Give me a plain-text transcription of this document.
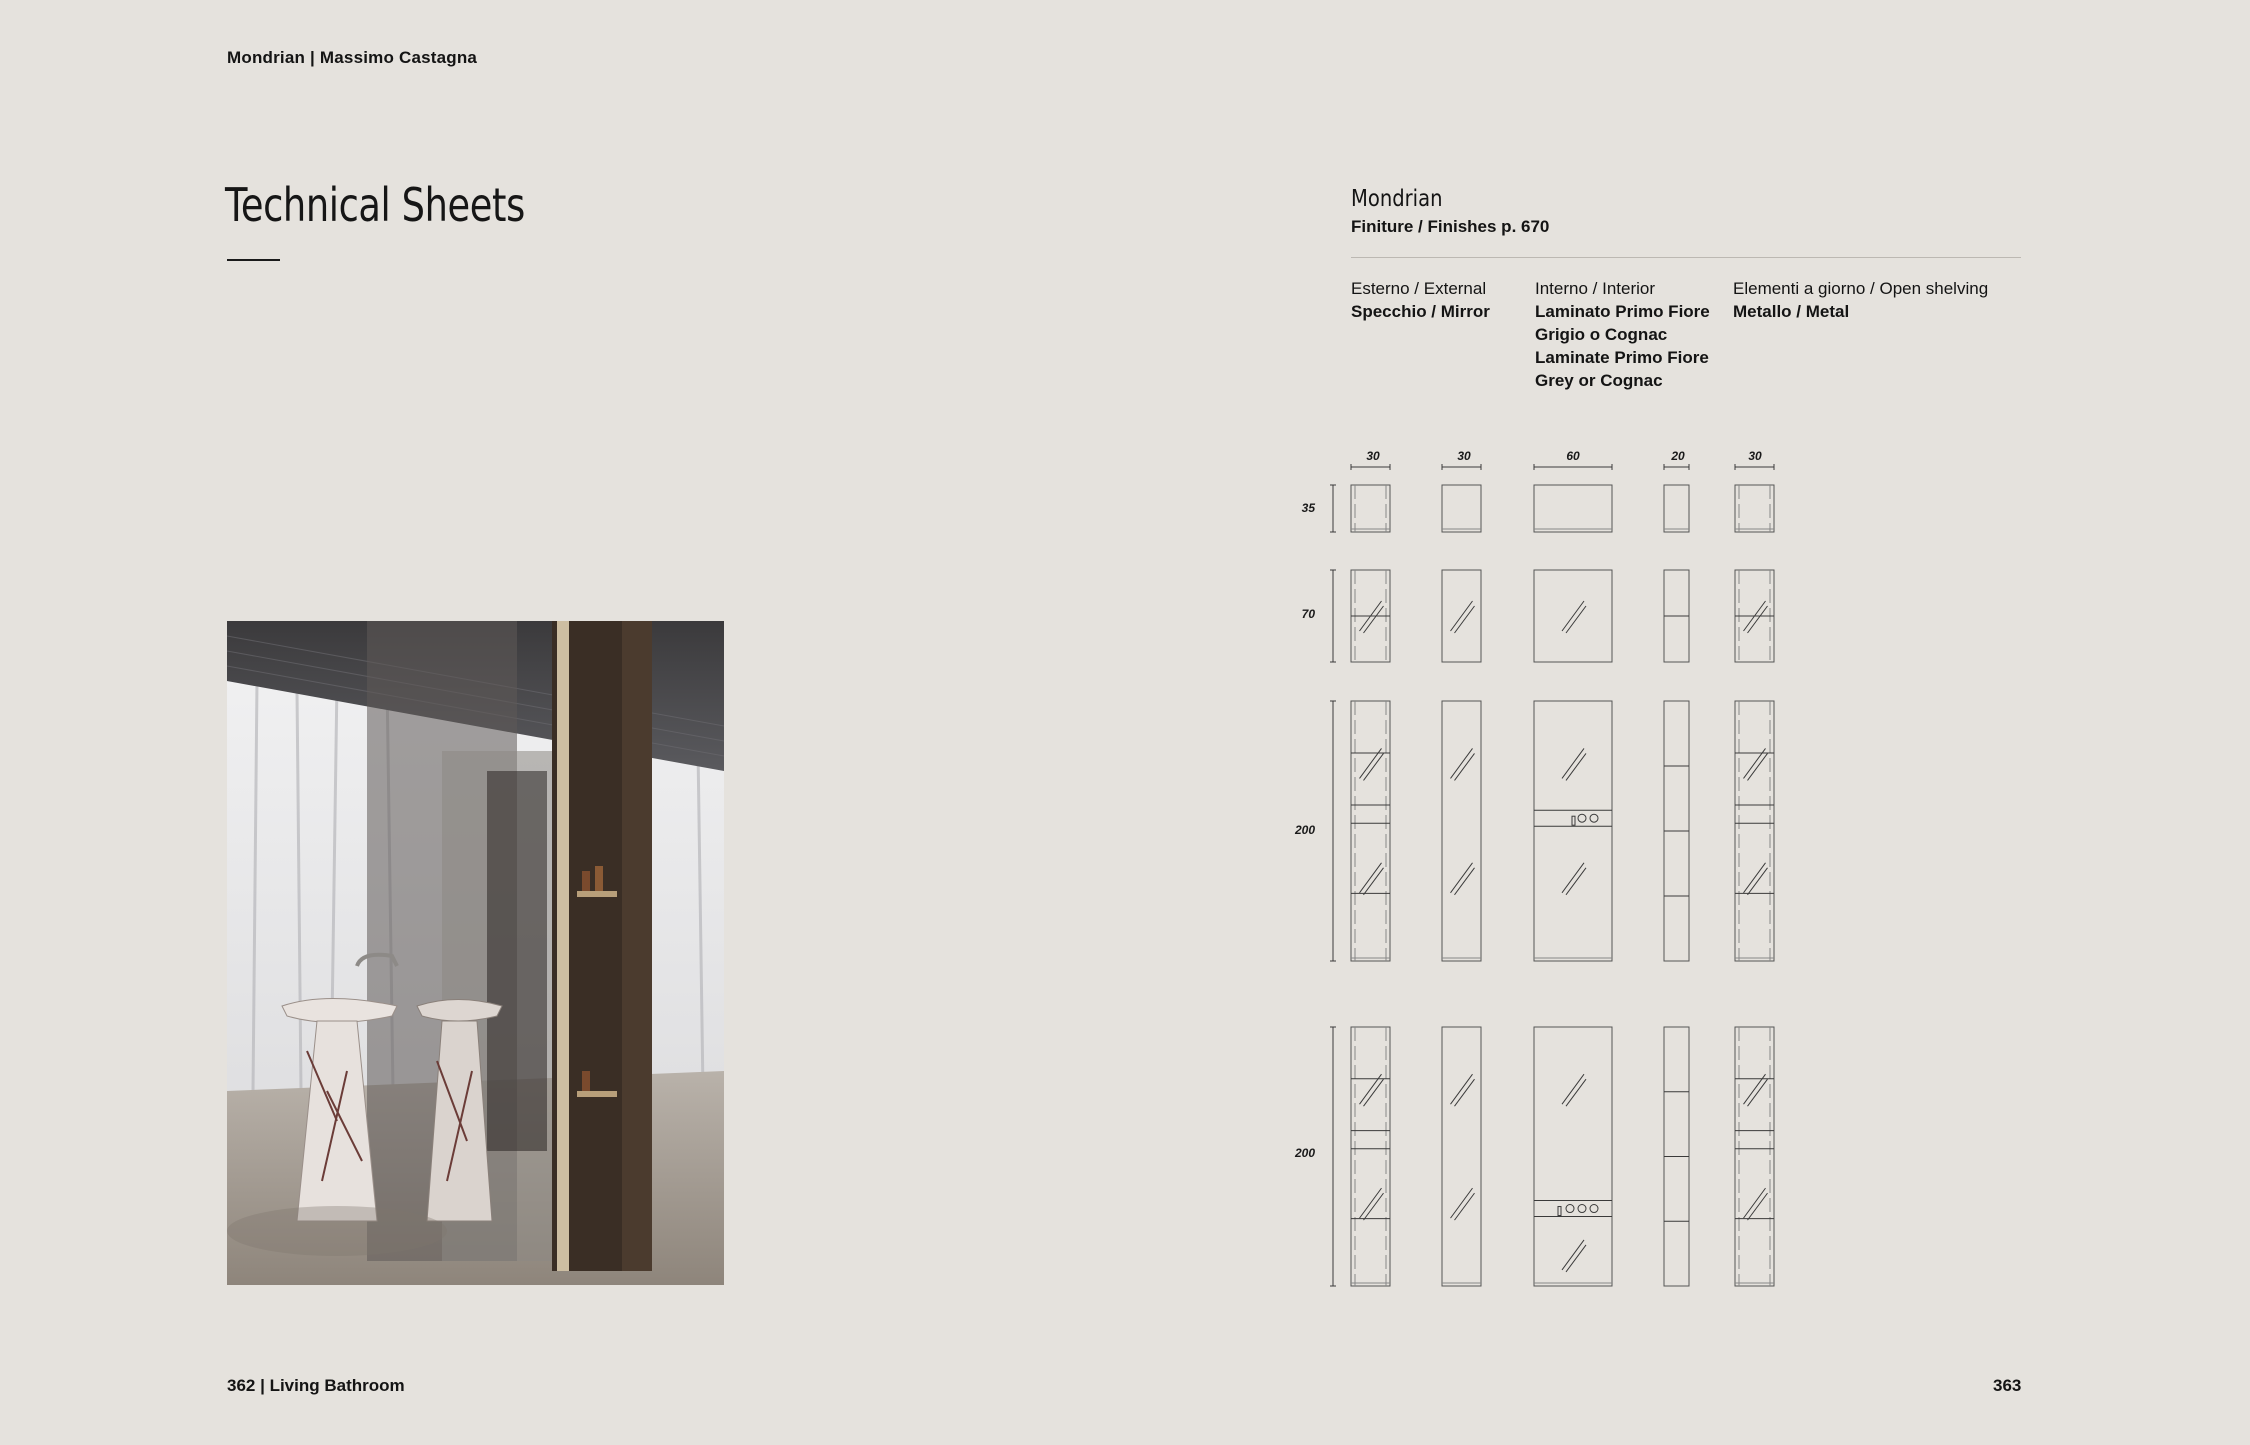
Mondrian | Massimo Castagna
Technical Sheets	Mondrian
Finiture / Finishes p. 670
Esterno / External
Specchio / Mirror
Interno / Interior
Laminato Primo Fiore
Grigio o Cognac
Laminate Primo Fiore
Grey or Cognac
Elementi a giorno / Open shelving
Metallo / Metal
30	30	60	20	30
35
70
200
200
362 | Living Bathroom	363
